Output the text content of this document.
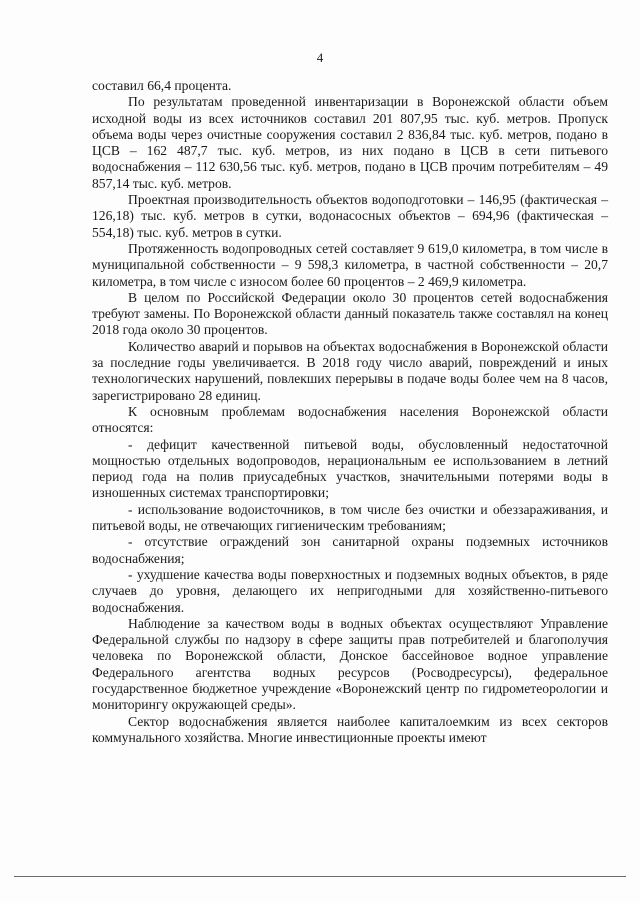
4

составил 66,4 процента.

По результатам проведенной инвентаризации в Воронежской области объем исходной воды из всех источников составил 201 807,95 тыс. куб. метров. Пропуск объема воды через очистные сооружения составил 2 836,84 тыс. куб. метров, подано в ЦСВ – 162 487,7 тыс. куб. метров, из них подано в ЦСВ в сети питьевого водоснабжения – 112 630,56 тыс. куб. метров, подано в ЦСВ прочим потребителям – 49 857,14 тыс. куб. метров.

Проектная производительность объектов водоподготовки – 146,95 (фактическая – 126,18) тыс. куб. метров в сутки, водонасосных объектов – 694,96 (фактическая – 554,18) тыс. куб. метров в сутки.

Протяженность водопроводных сетей составляет 9 619,0 километра, в том числе в муниципальной собственности – 9 598,3 километра, в частной собственности – 20,7 километра, в том числе с износом более 60 процентов – 2 469,9 километра.

В целом по Российской Федерации около 30 процентов сетей водоснабжения требуют замены. По Воронежской области данный показатель также составлял на конец 2018 года около 30 процентов.

Количество аварий и порывов на объектах водоснабжения в Воронежской области за последние годы увеличивается. В 2018 году число аварий, повреждений и иных технологических нарушений, повлекших перерывы в подаче воды более чем на 8 часов, зарегистрировано 28 единиц.

К основным проблемам водоснабжения населения Воронежской области относятся:

- дефицит качественной питьевой воды, обусловленный недостаточной мощностью отдельных водопроводов, нерациональным ее использованием в летний период года на полив приусадебных участков, значительными потерями воды в изношенных системах транспортировки;

- использование водоисточников, в том числе без очистки и обеззараживания, и питьевой воды, не отвечающих гигиеническим требованиям;

- отсутствие ограждений зон санитарной охраны подземных источников водоснабжения;

- ухудшение качества воды поверхностных и подземных водных объектов, в ряде случаев до уровня, делающего их непригодными для хозяйственно-питьевого водоснабжения.

Наблюдение за качеством воды в водных объектах осуществляют Управление Федеральной службы по надзору в сфере защиты прав потребителей и благополучия человека по Воронежской области, Донское бассейновое водное управление Федерального агентства водных ресурсов (Росводресурсы), федеральное государственное бюджетное учреждение «Воронежский центр по гидрометеорологии и мониторингу окружающей среды».

Сектор водоснабжения является наиболее капиталоемким из всех секторов коммунального хозяйства. Многие инвестиционные проекты имеют
